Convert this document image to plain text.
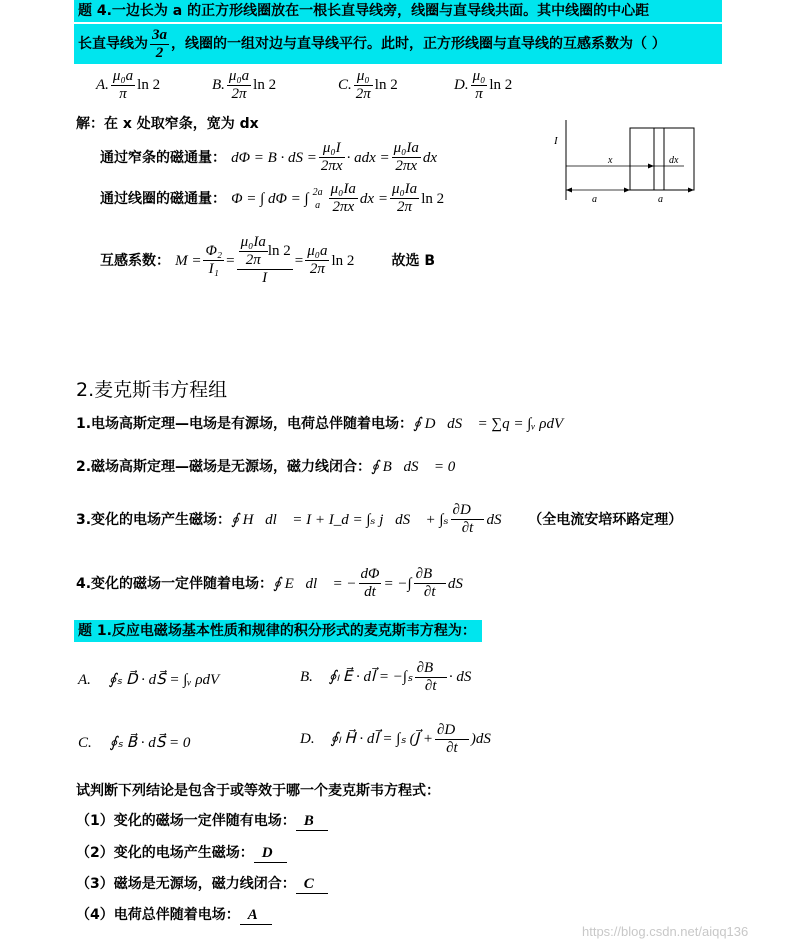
题 4.一边长为 a 的正方形线圈放在一根长直导线旁，线圈与直导线共面。其中线圈的中心距
长直导线为 $\frac{3a}{2}$ ，线圈的一组对边与直导线平行。此时，正方形线圈与直导线的互感系数为（ ）
A. $\frac{\text{μ₀a}}{\pi}$ ln 2	B. $\frac{\text{μ₀a}}{2\pi}$ ln 2	C. $\frac{\text{μ₀}}{2\pi}$ ln 2	D. $\frac{\text{μ₀}}{\pi}$ ln 2
解：在 x 处取窄条，宽为 dx
通过窄条的磁通量： dΦ = B · dS = $\frac{\text{μ₀I}}{2\pi x}$ · adx = $\frac{\text{μ₀Ia}}{2\pi x}$ dx
通过线圈的磁通量： Φ = ∫ dΦ = ∫ 2a
a $\frac{\text{μ₀Ia}}{2\pi x}$ dx = $\frac{\text{μ₀Ia}}{2\pi}$ ln 2
互感系数： $M = \frac{\text{Φ₂}}{\text{I₁}} = \frac{\frac{\text{μ₀Ia}}{2\pi} \ln 2}{I} = \frac{\text{μ₀a}}{2\pi}$ ln 2	故选 B
I
x	dx
a	a
2.麦克斯韦方程组
1.电场高斯定理—电场是有源场，电荷总伴随着电场：∮ D⃗dS⃗ = ∑q = ∫ᵥ ρdV
2.磁场高斯定理—磁场是无源场，磁力线闭合：∮ B⃗dS⃗ = 0
3.变化的电场产生磁场：∮ H⃗dl⃗ = I + I_d = ∫ₛ j⃗dS⃗ + $\int_s \frac{\partial D⃗}{\partial t}$ dS⃗ （全电流安培环路定理）
4.变化的磁场一定伴随着电场：∮ E⃗dl⃗ = − $\frac{d\Phi}{dt}$ = −∫ $\frac{\partial B⃗}{\partial t}$ dS⃗
题 1.反应电磁场基本性质和规律的积分形式的麦克斯韦方程为：
A. ∮ₛ D⃗ · dS⃗ = ∫ᵥ ρdV	B. ∮ₗ E⃗ · dl⃗ = $-\int_s \frac{\partial B⃗}{\partial t}$ · dS⃗
C. ∮ₛ B⃗ · dS⃗ = 0	D. ∮ₗ H⃗ · dl⃗ = ∫ₛ (J⃗ + $\frac{\partial D⃗}{\partial t}$ )dS⃗
试判断下列结论是包含于或等效于哪一个麦克斯韦方程式：
（1）变化的磁场一定伴随有电场： B
（2）变化的电场产生磁场： D
（3）磁场是无源场，磁力线闭合： C
（4）电荷总伴随着电场： A
https://blog.csdn.net/aiqq136
